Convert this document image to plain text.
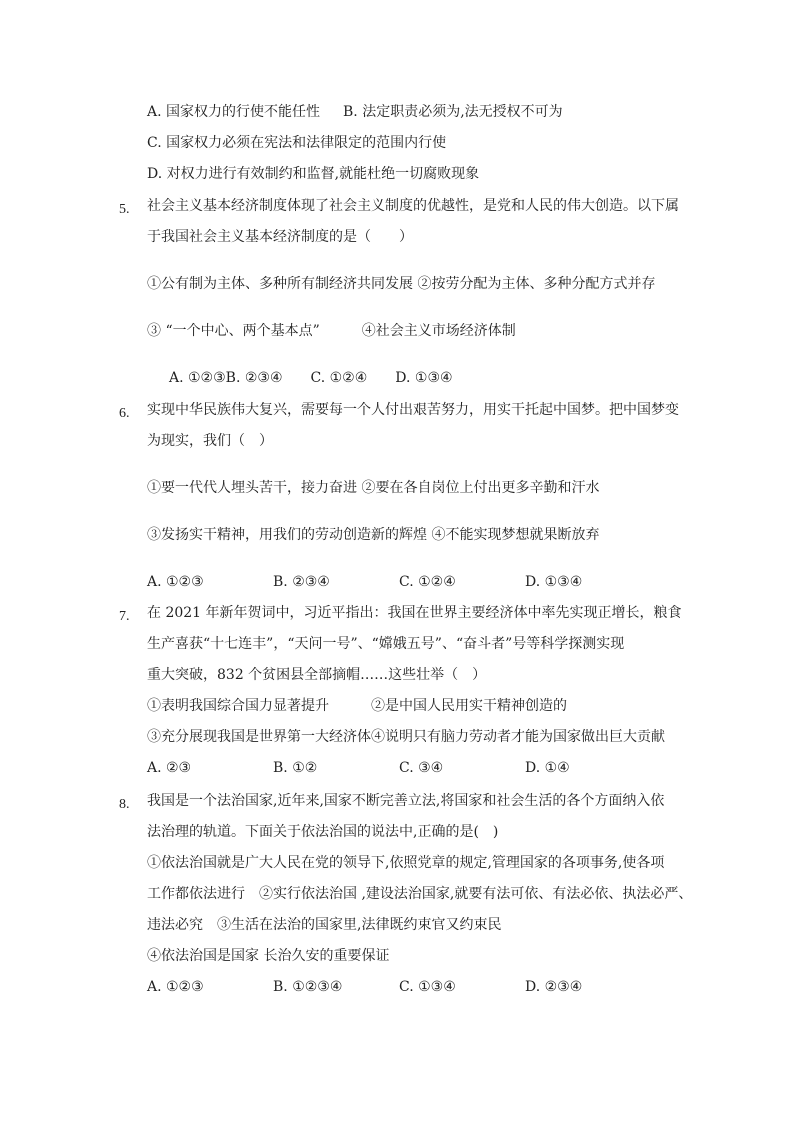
A. 国家权力的行使不能任性 B. 法定职责必须为,法无授权不可为
C. 国家权力必须在宪法和法律限定的范围内行使
D. 对权力进行有效制约和监督,就能杜绝一切腐败现象
5. 社会主义基本经济制度体现了社会主义制度的优越性，是党和人民的伟大创造。以下属
于我国社会主义基本经济制度的是（　　）
①公有制为主体、多种所有制经济共同发展 ②按劳分配为主体、多种分配方式并存
③ “一个中心、两个基本点”　　　④社会主义市场经济体制
A. ①②③B. ②③④　　C. ①②④　　D. ①③④
6. 实现中华民族伟大复兴，需要每一个人付出艰苦努力，用实干托起中国梦。把中国梦变
为现实，我们（　）
①要一代代人埋头苦干，接力奋进 ②要在各自岗位上付出更多辛勤和汗水
③发扬实干精神，用我们的劳动创造新的辉煌 ④不能实现梦想就果断放弃
A. ①②③	B. ②③④	C. ①②④	D. ①③④
7. 在 2021 年新年贺词中，习近平指出：我国在世界主要经济体中率先实现正增长，粮食
生产喜获“十七连丰”，“天问一号”、“嫦娥五号”、“奋斗者”号等科学探测实现
重大突破，832 个贫困县全部摘帽……这些壮举（　）
①表明我国综合国力显著提升　　　②是中国人民用实干精神创造的
③充分展现我国是世界第一大经济体④说明只有脑力劳动者才能为国家做出巨大贡献
A. ②③	B. ①②	C. ③④	D. ①④
8. 我国是一个法治国家,近年来,国家不断完善立法,将国家和社会生活的各个方面纳入依
法治理的轨道。下面关于依法治国的说法中,正确的是(　)
①依法治国就是广大人民在党的领导下,依照党章的规定,管理国家的各项事务,使各项
工作都依法进行　②实行依法治国 ,建设法治国家,就要有法可依、有法必依、执法必严、
违法必究　③生活在法治的国家里,法律既约束官又约束民
④依法治国是国家 长治久安的重要保证
A. ①②③	B. ①②③④	C. ①③④	D. ②③④
